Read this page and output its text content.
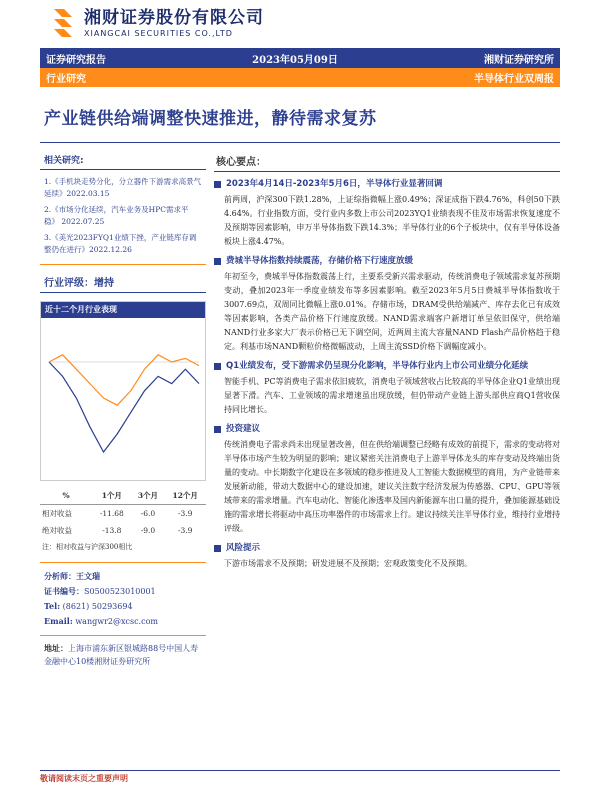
湘财证券股份有限公司
XIANGCAI SECURITIES CO.,LTD
证券研究报告	2023年05月09日	湘财证券研究所
行业研究	半导体行业双周报
产业链供给端调整快速推进，静待需求复苏
相关研究:
1.《手机块走势分化，分立器件下游需求高景气延续》2022.03.15
2.《市场分化延续，汽车业务及HPC需求平稳》 2022.07.25
3.《美光2023FYQ1业绩下挫，产业链库存调整仍在进行》2022.12.26
行业评级：增持
近十二个月行业表现
%	1个月	3个月	12个月
相对收益	-11.68	-6.0	-3.9
绝对收益	-13.8	-9.0	-3.9
注：相对收益与沪深300相比
分析师：王文瑞
证书编号：S0500523010001
Tel: (8621) 50293694
Email: wangwr2@xcsc.com
地址：上海市浦东新区银城路88号中国人寿金融中心10楼湘财证券研究所
核心要点：
2023年4月14日-2023年5月6日，半导体行业显著回调
前两周，沪深300下跌1.28%，上证综指微幅上涨0.49%；深证成指下跌4.76%，科创50下跌4.64%。行业指数方面，受行业内多数上市公司2023YQ1业绩表现不佳及市场需求恢复速度不及预期等因素影响，申万半导体指数下跌14.3%；半导体行业的6个子板块中，仅有半导体设备板块上涨4.47%。
费城半导体指数持续震荡，存储价格下行速度放缓
年初至今，费城半导体指数震荡上行，主要系受新兴需求驱动，传统消费电子领域需求复苏预期变动，叠加2023年一季度业绩发布等多因素影响。截至2023年5月5日费城半导体指数收于3007.69点，双周同比微幅上涨0.01%。存储市场，DRAM受供给端减产、库存去化已有成效等因素影响，各类产品价格下行速度放缓。NAND需求端客户新增订单呈依旧保守，供给端NAND行业多家大厂表示价格已无下调空间，近两周主流大容量NAND Flash产品价格趋于稳定。利基市场NAND颗粒价格微幅波动，上周主流SSD价格下调幅度减小。
Q1业绩发布，受下游需求仍呈现分化影响，半导体行业内上市公司业绩分化延续
智能手机、PC等消费电子需求依旧疲软，消费电子领域营收占比较高的半导体企业Q1业绩出现显著下滑。汽车、工业领域的需求增速虽出现放缓，但仍带动产业链上游头部供应商Q1营收保持同比增长。
投资建议
传统消费电子需求尚未出现显著改善，但在供给端调整已经略有成效的前提下，需求的变动将对半导体市场产生较为明显的影响；建议紧密关注消费电子上游半导体龙头的库存变动及终端出货量的变动。中长期数字化建设在多领域的稳步推进及人工智能大数据模型的商用，为产业链带来发展新动能，带动大数据中心的建设加速，建议关注数字经济发展为传感器、CPU、GPU等领域带来的需求增量。汽车电动化、智能化渗透率及国内新能源车出口量的提升，叠加能源基础设施的需求增长将驱动中高压功率器件的市场需求上行。建议持续关注半导体行业，维持行业增持评级。
风险提示
下游市场需求不及预期；研发进展不及预期；宏观政策变化不及预期。
敬请阅读末页之重要声明
